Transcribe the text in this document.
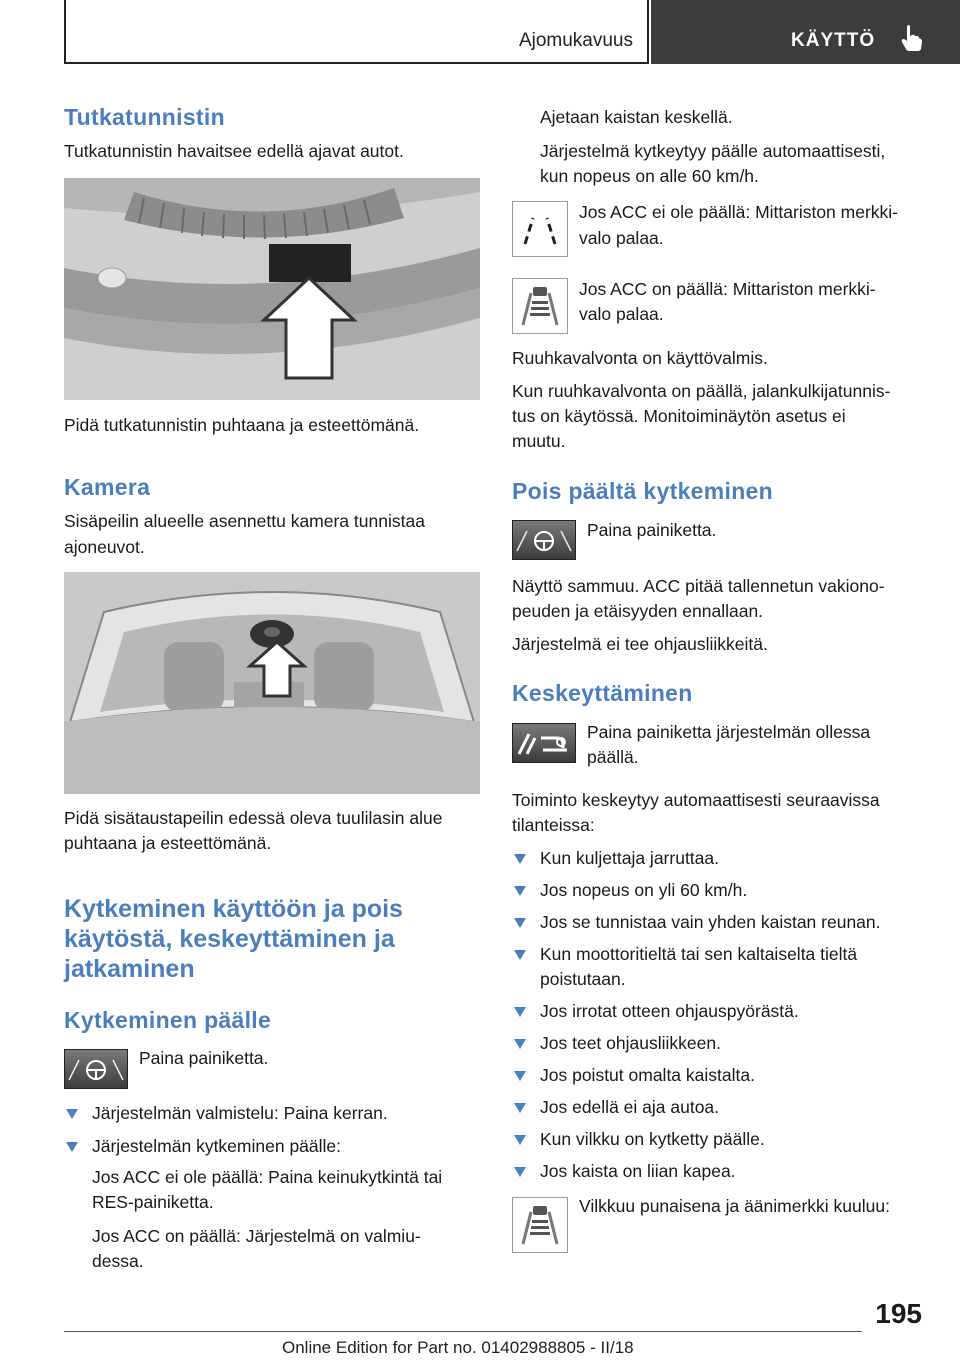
Ajomukavuus	KÄYTTÖ
Tutkatunnistin
Tutkatunnistin havaitsee edellä ajavat autot.
Pidä tutkatunnistin puhtaana ja esteettömänä.
Kamera
Sisäpeilin alueelle asennettu kamera tunnistaa
ajoneuvot.
Pidä sisätaustapeilin edessä oleva tuulilasin alue
puhtaana ja esteettömänä.
Kytkeminen käyttöön ja pois
käytöstä, keskeyttäminen ja
jatkaminen
Kytkeminen päälle
Paina painiketta.
Järjestelmän valmistelu: Paina kerran.
Järjestelmän kytkeminen päälle:
Jos ACC ei ole päällä: Paina keinukytkintä tai
RES-painiketta.
Jos ACC on päällä: Järjestelmä on valmiu-
dessa.
Ajetaan kaistan keskellä.
Järjestelmä kytkeytyy päälle automaattisesti,
kun nopeus on alle 60 km/h.
Jos ACC ei ole päällä: Mittariston merkki-
valo palaa.
Jos ACC on päällä: Mittariston merkki-
valo palaa.
Ruuhkavalvonta on käyttövalmis.
Kun ruuhkavalvonta on päällä, jalankulkijatunnis-
tus on käytössä. Monitoiminäytön asetus ei
muutu.
Pois päältä kytkeminen
Paina painiketta.
Näyttö sammuu. ACC pitää tallennetun vakiono-
peuden ja etäisyyden ennallaan.
Järjestelmä ei tee ohjausliikkeitä.
Keskeyttäminen
Paina painiketta järjestelmän ollessa
päällä.
Toiminto keskeytyy automaattisesti seuraavissa
tilanteissa:
Kun kuljettaja jarruttaa.
Jos nopeus on yli 60 km/h.
Jos se tunnistaa vain yhden kaistan reunan.
Kun moottoritieltä tai sen kaltaiselta tieltä
poistutaan.
Jos irrotat otteen ohjauspyörästä.
Jos teet ohjausliikkeen.
Jos poistut omalta kaistalta.
Jos edellä ei aja autoa.
Kun vilkku on kytketty päälle.
Jos kaista on liian kapea.
Vilkkuu punaisena ja äänimerkki kuuluu:
195
Online Edition for Part no. 01402988805 - II/18
